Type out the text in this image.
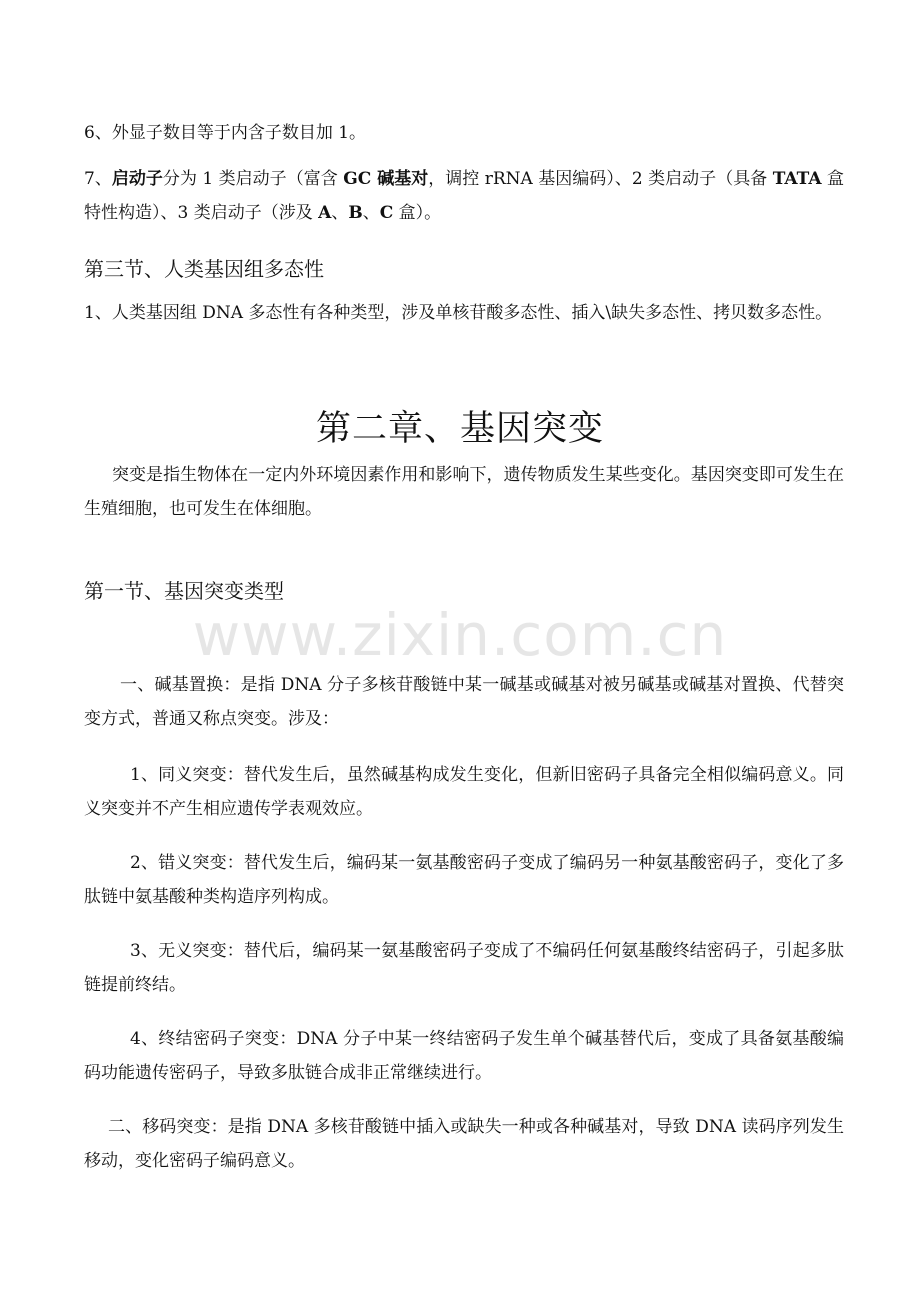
6、外显子数目等于内含子数目加 1。

7、启动子分为 1 类启动子（富含 GC 碱基对，调控 rRNA 基因编码）、2 类启动子（具备 TATA 盒特性构造）、3 类启动子（涉及 A、B、C 盒）。

第三节、人类基因组多态性

1、人类基因组 DNA 多态性有各种类型，涉及单核苷酸多态性、插入\缺失多态性、拷贝数多态性。

第二章、基因突变

突变是指生物体在一定内外环境因素作用和影响下，遗传物质发生某些变化。基因突变即可发生在生殖细胞，也可发生在体细胞。

第一节、基因突变类型
www.zixin.com.cn

一、碱基置换：是指 DNA 分子多核苷酸链中某一碱基或碱基对被另碱基或碱基对置换、代替突变方式，普通又称点突变。涉及：

1、同义突变：替代发生后，虽然碱基构成发生变化，但新旧密码子具备完全相似编码意义。同义突变并不产生相应遗传学表观效应。

2、错义突变：替代发生后，编码某一氨基酸密码子变成了编码另一种氨基酸密码子，变化了多肽链中氨基酸种类构造序列构成。

3、无义突变：替代后，编码某一氨基酸密码子变成了不编码任何氨基酸终结密码子，引起多肽链提前终结。

4、终结密码子突变：DNA 分子中某一终结密码子发生单个碱基替代后，变成了具备氨基酸编码功能遗传密码子，导致多肽链合成非正常继续进行。

二、移码突变：是指 DNA 多核苷酸链中插入或缺失一种或各种碱基对，导致 DNA 读码序列发生移动，变化密码子编码意义。
